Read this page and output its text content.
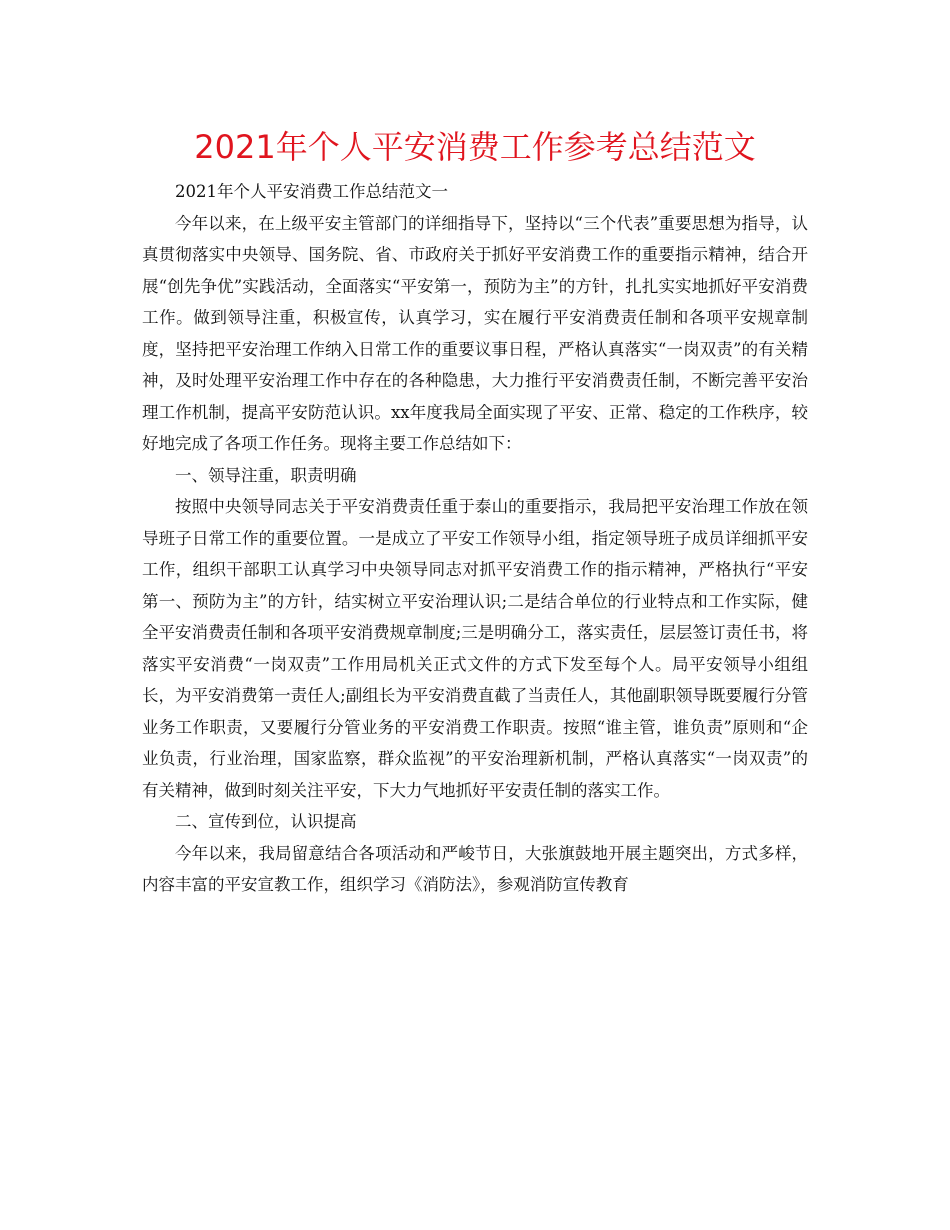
2021年个人平安消费工作参考总结范文

2021年个人平安消费工作总结范文一

今年以来，在上级平安主管部门的详细指导下，坚持以“三个代表”重要思想为指导，认真贯彻落实中央领导、国务院、省、市政府关于抓好平安消费工作的重要指示精神，结合开展“创先争优”实践活动，全面落实“平安第一，预防为主”的方针，扎扎实实地抓好平安消费工作。做到领导注重，积极宣传，认真学习，实在履行平安消费责任制和各项平安规章制度，坚持把平安治理工作纳入日常工作的重要议事日程，严格认真落实“一岗双责”的有关精神，及时处理平安治理工作中存在的各种隐患，大力推行平安消费责任制，不断完善平安治理工作机制，提高平安防范认识。xx年度我局全面实现了平安、正常、稳定的工作秩序，较好地完成了各项工作任务。现将主要工作总结如下：

一、领导注重，职责明确

按照中央领导同志关于平安消费责任重于泰山的重要指示，我局把平安治理工作放在领导班子日常工作的重要位置。一是成立了平安工作领导小组，指定领导班子成员详细抓平安工作，组织干部职工认真学习中央领导同志对抓平安消费工作的指示精神，严格执行“平安第一、预防为主”的方针，结实树立平安治理认识;二是结合单位的行业特点和工作实际，健全平安消费责任制和各项平安消费规章制度;三是明确分工，落实责任，层层签订责任书，将落实平安消费“一岗双责”工作用局机关正式文件的方式下发至每个人。局平安领导小组组长，为平安消费第一责任人;副组长为平安消费直截了当责任人，其他副职领导既要履行分管业务工作职责，又要履行分管业务的平安消费工作职责。按照“谁主管，谁负责”原则和“企业负责，行业治理，国家监察，群众监视”的平安治理新机制，严格认真落实“一岗双责”的有关精神，做到时刻关注平安，下大力气地抓好平安责任制的落实工作。

二、宣传到位，认识提高

今年以来，我局留意结合各项活动和严峻节日，大张旗鼓地开展主题突出，方式多样，内容丰富的平安宣教工作，组织学习《消防法》，参观消防宣传教育
